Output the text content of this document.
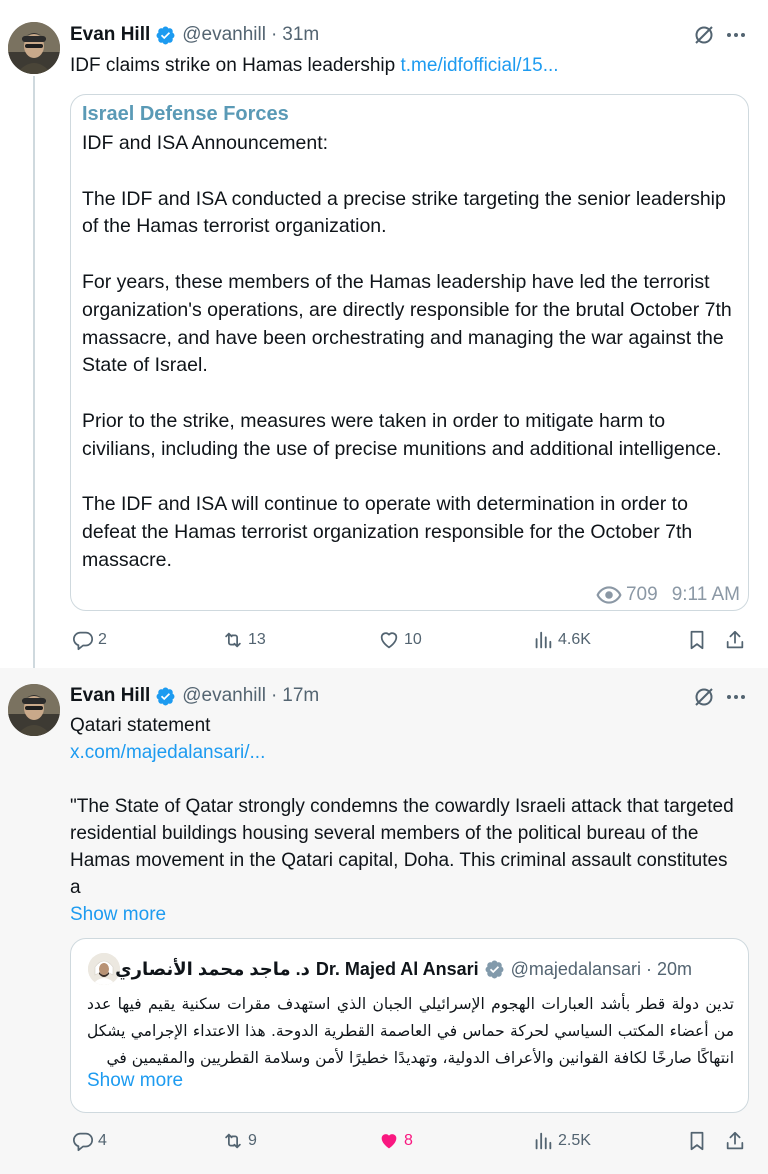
Evan Hill @evanhill · 31m
IDF claims strike on Hamas leadership t.me/idfofficial/15...
Israel Defense Forces

IDF and ISA Announcement:

The IDF and ISA conducted a precise strike targeting the senior leadership of the Hamas terrorist organization.

For years, these members of the Hamas leadership have led the terrorist organization's operations, are directly responsible for the brutal October 7th massacre, and have been orchestrating and managing the war against the State of Israel.

Prior to the strike, measures were taken in order to mitigate harm to civilians, including the use of precise munitions and additional intelligence.

The IDF and ISA will continue to operate with determination in order to defeat the Hamas terrorist organization responsible for the October 7th massacre.

709 9:11 AM
2	13	10	4.6K
Evan Hill @evanhill · 17m
Qatari statement
x.com/majedalansari/...
"The State of Qatar strongly condemns the cowardly Israeli attack that targeted residential buildings housing several members of the political bureau of the Hamas movement in the Qatari capital, Doha. This criminal assault constitutes a
Show more
د. ماجد محمد الأنصاري Dr. Majed Al Ansari @majedalansari · 20m
تدين دولة قطر بأشد العبارات الهجوم الإسرائيلي الجبان الذي استهدف مقرات سكنية يقيم فيها عدد من أعضاء المكتب السياسي لحركة حماس في العاصمة القطرية الدوحة. هذا الاعتداء الإجرامي يشكل انتهاكًا صارخًا لكافة القوانين والأعراف الدولية، وتهديدًا خطيرًا لأمن وسلامة القطريين والمقيمين في
Show more
4	9	8	2.5K
